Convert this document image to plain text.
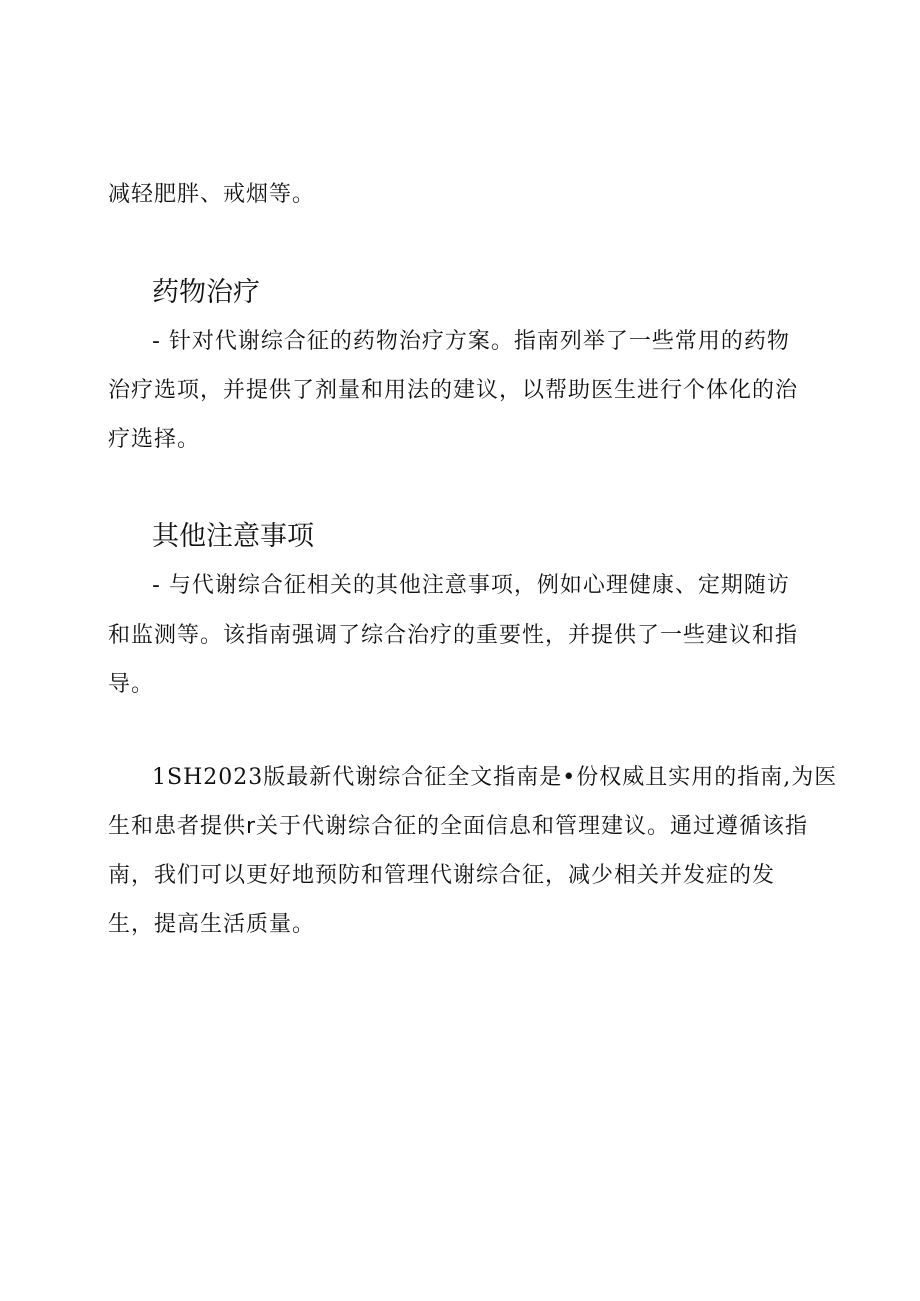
减轻肥胖、戒烟等。
药物治疗
- 针对代谢综合征的药物治疗方案。指南列举了一些常用的药物
治疗选项，并提供了剂量和用法的建议，以帮助医生进行个体化的治
疗选择。
其他注意事项
- 与代谢综合征相关的其他注意事项，例如心理健康、定期随访
和监测等。该指南强调了综合治疗的重要性，并提供了一些建议和指
导。
1SH2023版最新代谢综合征全文指南是•份权威且实用的指南,为医
生和患者提供r关于代谢综合征的全面信息和管理建议。通过遵循该指
南，我们可以更好地预防和管理代谢综合征，减少相关并发症的发
生，提高生活质量。
